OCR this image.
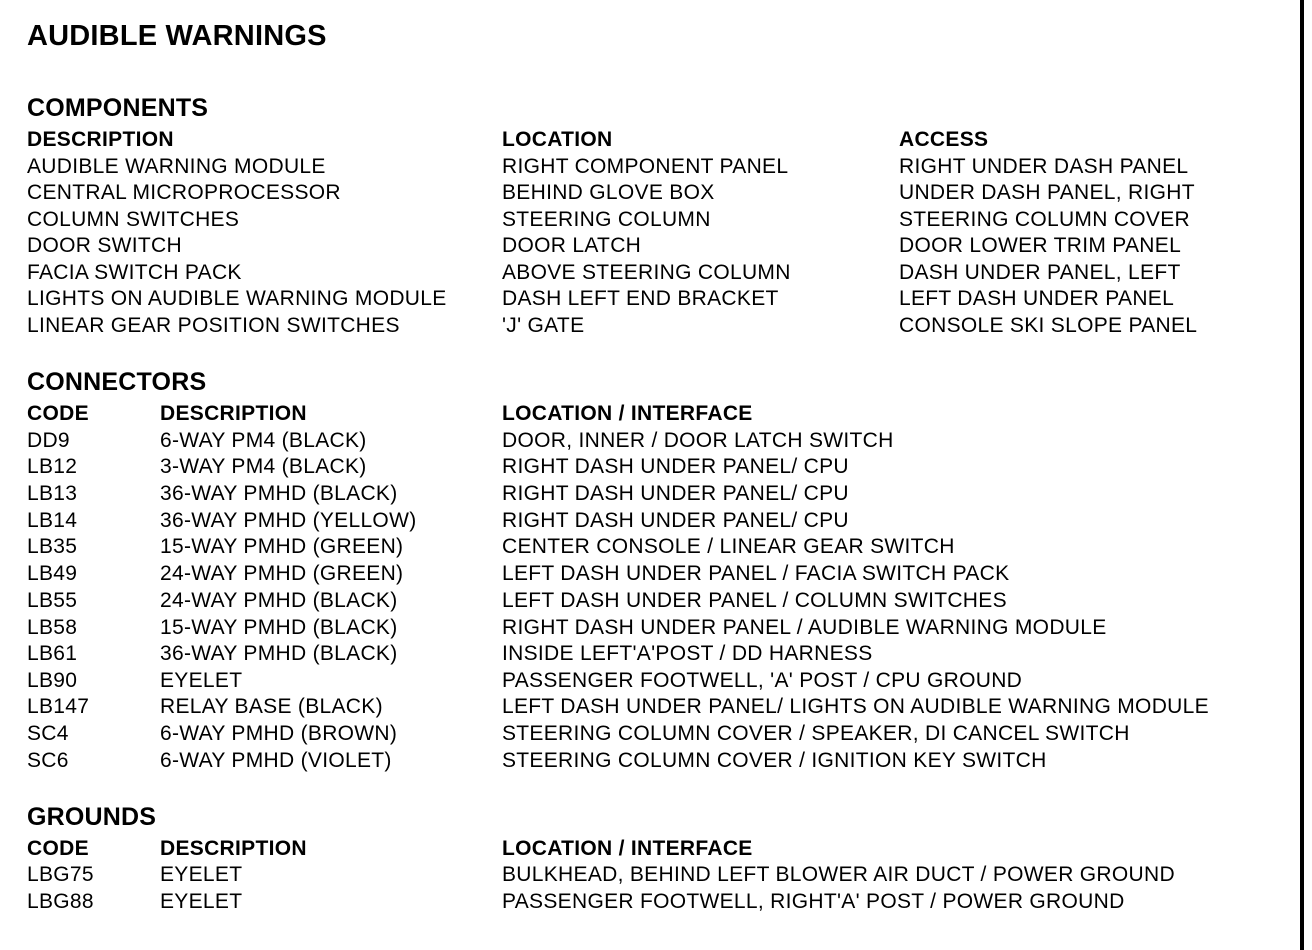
AUDIBLE WARNINGS
COMPONENTS
DESCRIPTION	LOCATION	ACCESS
AUDIBLE WARNING MODULE	RIGHT COMPONENT PANEL	RIGHT UNDER DASH PANEL
CENTRAL MICROPROCESSOR	BEHIND GLOVE BOX	UNDER DASH PANEL, RIGHT
COLUMN SWITCHES	STEERING COLUMN	STEERING COLUMN COVER
DOOR SWITCH	DOOR LATCH	DOOR LOWER TRIM PANEL
FACIA SWITCH PACK	ABOVE STEERING COLUMN	DASH UNDER PANEL, LEFT
LIGHTS ON AUDIBLE WARNING MODULE	DASH LEFT END BRACKET	LEFT DASH UNDER PANEL
LINEAR GEAR POSITION SWITCHES	'J' GATE	CONSOLE SKI SLOPE PANEL
CONNECTORS
CODE	DESCRIPTION	LOCATION / INTERFACE
DD9	6-WAY PM4 (BLACK)	DOOR, INNER / DOOR LATCH SWITCH
LB12	3-WAY PM4 (BLACK)	RIGHT DASH UNDER PANEL/ CPU
LB13	36-WAY PMHD (BLACK)	RIGHT DASH UNDER PANEL/ CPU
LB14	36-WAY PMHD (YELLOW)	RIGHT DASH UNDER PANEL/ CPU
LB35	15-WAY PMHD (GREEN)	CENTER CONSOLE / LINEAR GEAR SWITCH
LB49	24-WAY PMHD (GREEN)	LEFT DASH UNDER PANEL / FACIA SWITCH PACK
LB55	24-WAY PMHD (BLACK)	LEFT DASH UNDER PANEL / COLUMN SWITCHES
LB58	15-WAY PMHD (BLACK)	RIGHT DASH UNDER PANEL / AUDIBLE WARNING MODULE
LB61	36-WAY PMHD (BLACK)	INSIDE LEFT'A'POST / DD HARNESS
LB90	EYELET	PASSENGER FOOTWELL, 'A' POST / CPU GROUND
LB147	RELAY BASE (BLACK)	LEFT DASH UNDER PANEL/ LIGHTS ON AUDIBLE WARNING MODULE
SC4	6-WAY PMHD (BROWN)	STEERING COLUMN COVER / SPEAKER, DI CANCEL SWITCH
SC6	6-WAY PMHD (VIOLET)	STEERING COLUMN COVER / IGNITION KEY SWITCH
GROUNDS
CODE	DESCRIPTION	LOCATION / INTERFACE
LBG75	EYELET	BULKHEAD, BEHIND LEFT BLOWER AIR DUCT / POWER GROUND
LBG88	EYELET	PASSENGER FOOTWELL, RIGHT'A' POST / POWER GROUND
